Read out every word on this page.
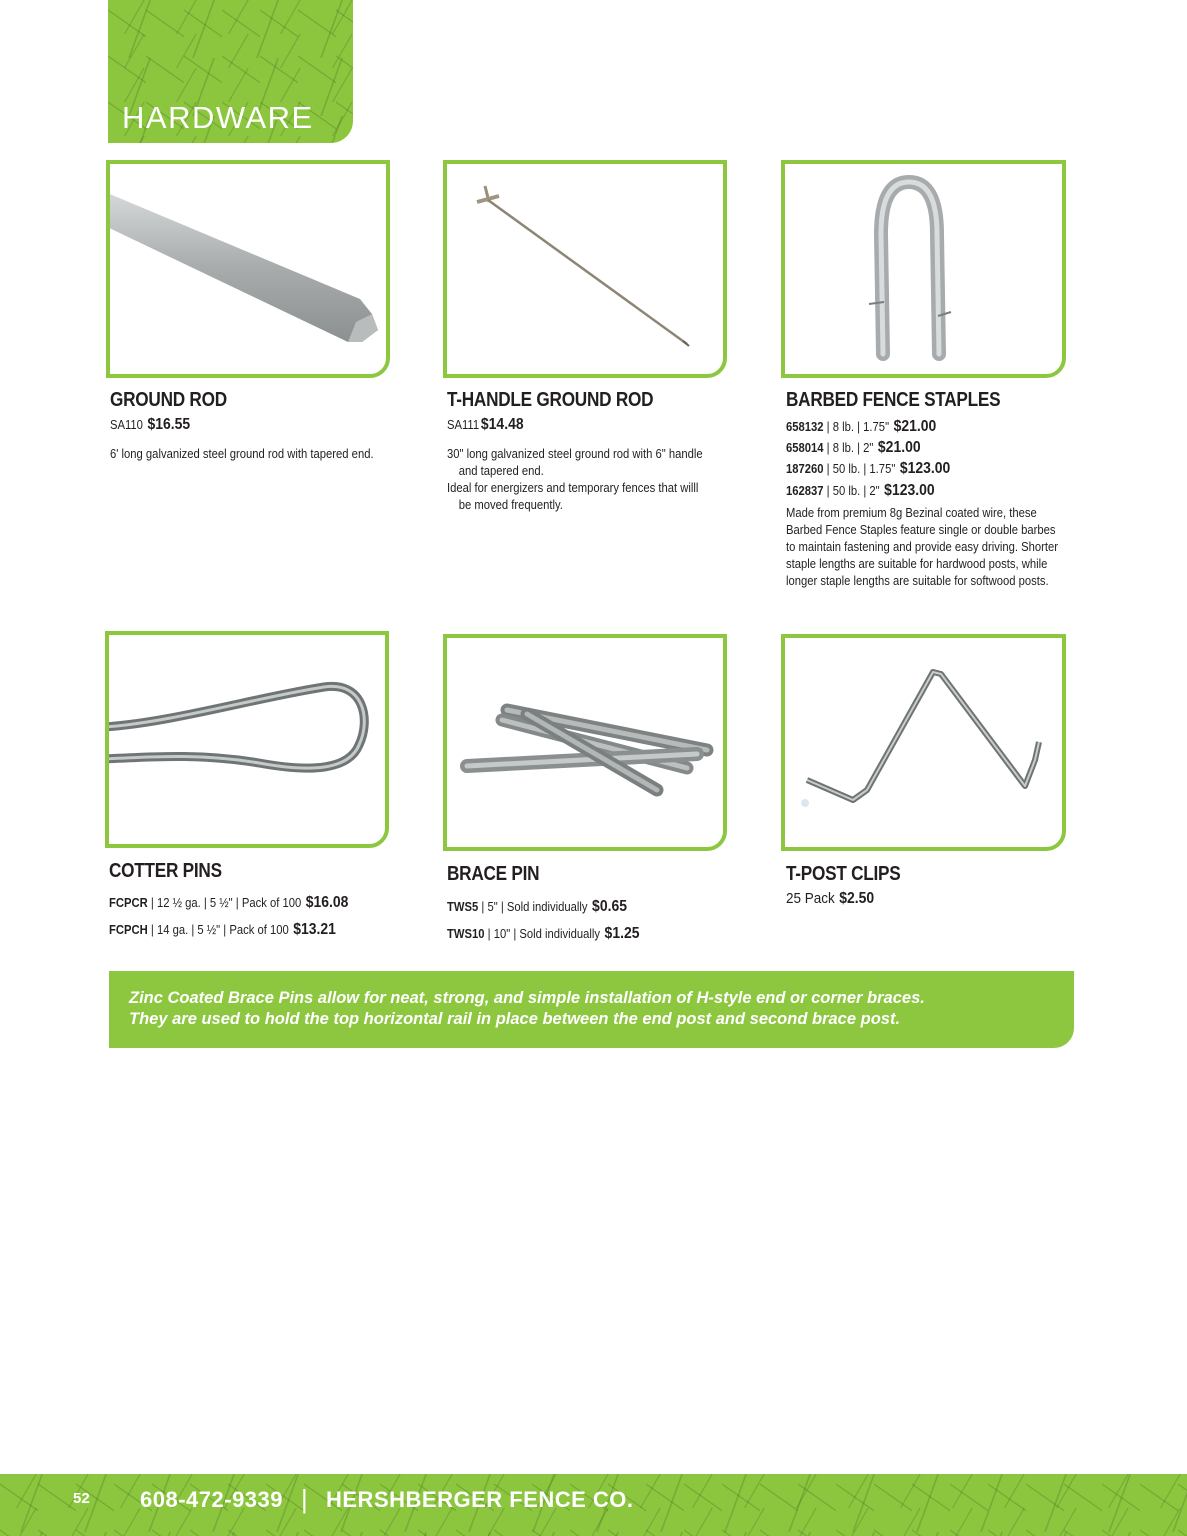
HARDWARE
GROUND ROD
SA110 $16.55

6' long galvanized steel ground rod with tapered end.

T-HANDLE GROUND ROD
SA111 $14.48

30" long galvanized steel ground rod with 6" handle

and tapered end.

Ideal for energizers and temporary fences that willl

be moved frequently.

BARBED FENCE STAPLES
658132 | 8 lb. | 1.75" $21.00
658014 | 8 lb. | 2" $21.00
187260 | 50 lb. | 1.75" $123.00
162837 | 50 lb. | 2" $123.00

Made from premium 8g Bezinal coated wire, these

Barbed Fence Staples feature single or double barbes

to maintain fastening and provide easy driving. Shorter

staple lengths are suitable for hardwood posts, while

longer staple lengths are suitable for softwood posts.

COTTER PINS
FCPCR | 12 ½ ga. | 5 ½" | Pack of 100 $16.08
FCPCH | 14 ga. | 5 ½" | Pack of 100 $13.21
BRACE PIN
TWS5 | 5" | Sold individually $0.65
TWS10 | 10" | Sold individually $1.25
T-POST CLIPS
25 Pack $2.50
Zinc Coated Brace Pins allow for neat, strong, and simple installation of H-style end or corner braces.
They are used to hold the top horizontal rail in place between the end post and second brace post.
52 608-472-9339 | HERSHBERGER FENCE CO.
